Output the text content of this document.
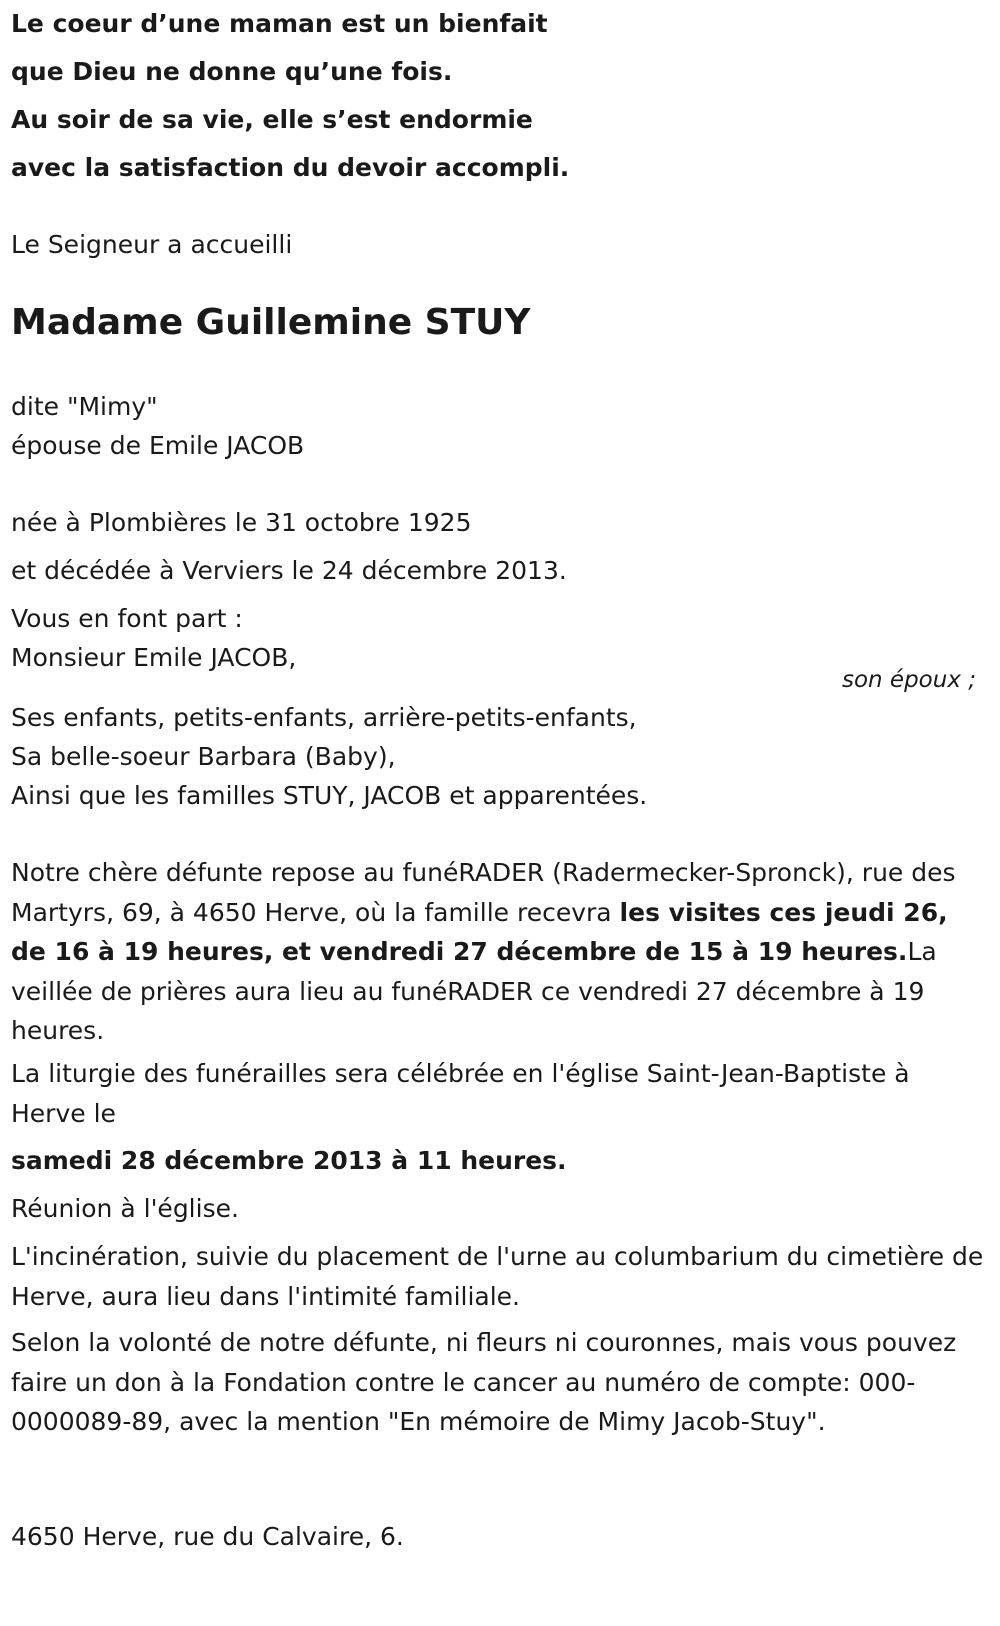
Le coeur d’une maman est un bienfait
que Dieu ne donne qu’une fois.
Au soir de sa vie, elle s’est endormie
avec la satisfaction du devoir accompli.
Le Seigneur a accueilli
Madame Guillemine STUY
dite "Mimy"
épouse de Emile JACOB
née à Plombières le 31 octobre 1925
et décédée à Verviers le 24 décembre 2013.
Vous en font part :
Monsieur Emile JACOB,
son époux ;
Ses enfants, petits-enfants, arrière-petits-enfants,
Sa belle-soeur Barbara (Baby),
Ainsi que les familles STUY, JACOB et apparentées.
Notre chère défunte repose au funéRADER (Radermecker-Spronck), rue des Martyrs, 69, à 4650 Herve, où la famille recevra les visites ces jeudi 26, de 16 à 19 heures, et vendredi 27 décembre de 15 à 19 heures.La veillée de prières aura lieu au funéRADER ce vendredi 27 décembre à 19 heures.
La liturgie des funérailles sera célébrée en l'église Saint-Jean-Baptiste à Herve le
samedi 28 décembre 2013 à 11 heures.
Réunion à l'église.
L'incinération, suivie du placement de l'urne au columbarium du cimetière de Herve, aura lieu dans l'intimité familiale.
Selon la volonté de notre défunte, ni fleurs ni couronnes, mais vous pouvez faire un don à la Fondation contre le cancer au numéro de compte: 000-0000089-89, avec la mention "En mémoire de Mimy Jacob-Stuy".
4650 Herve, rue du Calvaire, 6.
